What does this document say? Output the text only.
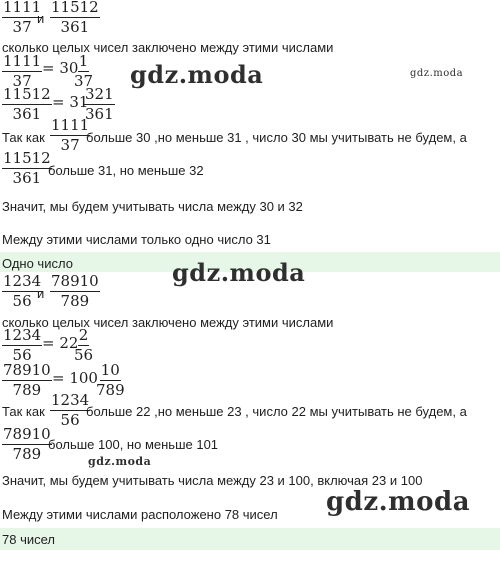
$\frac{1111}{37}$
и $\frac{11512}{361}$
сколько целых чисел заключено между этими числами
$\frac{1111}{37} = 30$
$\frac{1}{37}$
$\frac{11512}{361} = 31$
$\frac{321}{361}$
Так как $\frac{1111}{37}$
больше 30 ,но меньше 31 , число 30 мы учитывать не будем, а
$\frac{11512}{361}$
больше 31, но меньше 32
Значит, мы будем учитывать числа между 30 и 32
Между этими числами только одно число 31
Одно число
$\frac{1234}{56}$
и $\frac{78910}{789}$
сколько целых чисел заключено между этими числами
$\frac{1234}{56} = 22$
$\frac{2}{56}$
$\frac{78910}{789} = 100$
$\frac{10}{789}$
Так как $\frac{1234}{56}$
больше 22 ,но меньше 23 , число 22 мы учитывать не будем, а
$\frac{78910}{789}$
больше 100, но меньше 101
Значит, мы будем учитывать числа между 23 и 100, включая 23 и 100
Между этими числами расположено 78 чисел
78 чисел
gdz.moda	gdz.moda
gdz.moda
gdz.moda
gdz.moda
